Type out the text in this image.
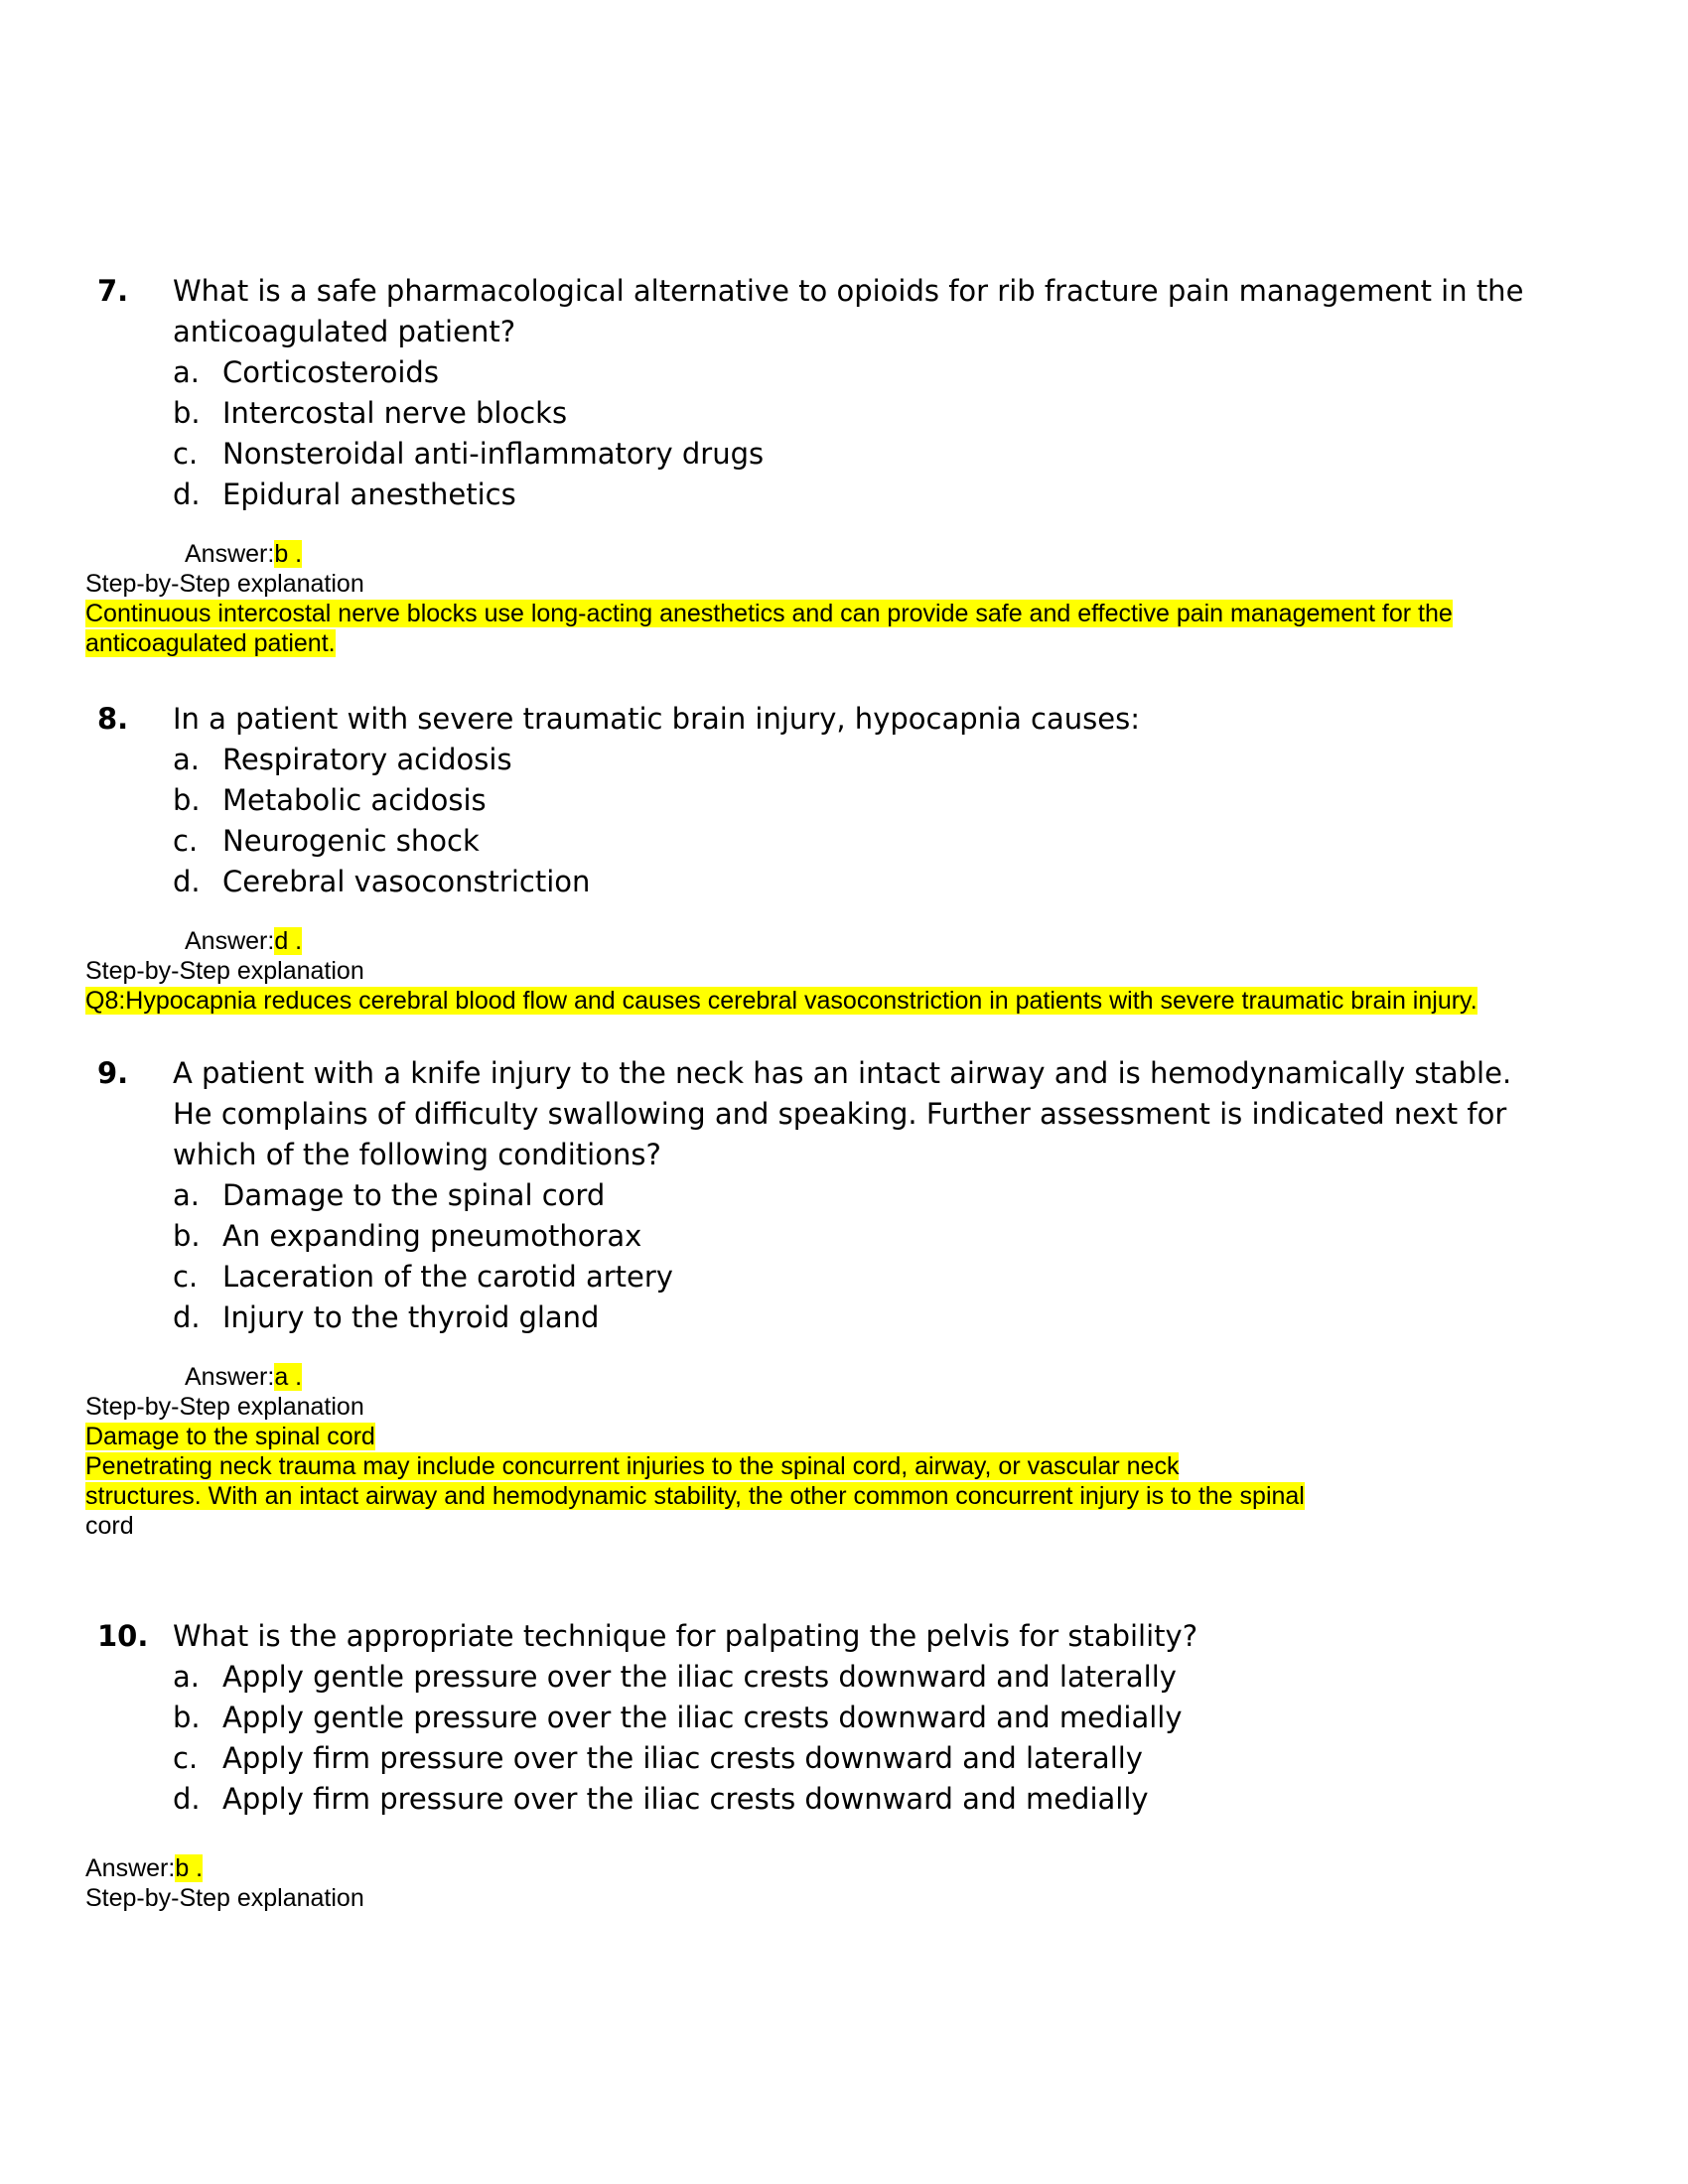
7. What is a safe pharmacological alternative to opioids for rib fracture pain management in the anticoagulated patient?
a. Corticosteroids
b. Intercostal nerve blocks
c. Nonsteroidal anti-inflammatory drugs
d. Epidural anesthetics
Answer:b .
Step-by-Step explanation
Continuous intercostal nerve blocks use long-acting anesthetics and can provide safe and effective pain management for the
anticoagulated patient.
8. In a patient with severe traumatic brain injury, hypocapnia causes:
a. Respiratory acidosis
b. Metabolic acidosis
c. Neurogenic shock
d. Cerebral vasoconstriction
Answer:d .
Step-by-Step explanation
Q8:Hypocapnia reduces cerebral blood flow and causes cerebral vasoconstriction in patients with severe traumatic brain injury.
9. A patient with a knife injury to the neck has an intact airway and is hemodynamically stable. He complains of difficulty swallowing and speaking. Further assessment is indicated next for which of the following conditions?
a. Damage to the spinal cord
b. An expanding pneumothorax
c. Laceration of the carotid artery
d. Injury to the thyroid gland
Answer:a .
Step-by-Step explanation
Damage to the spinal cord
Penetrating neck trauma may include concurrent injuries to the spinal cord, airway, or vascular neck
structures. With an intact airway and hemodynamic stability, the other common concurrent injury is to the spinal
cord
10. What is the appropriate technique for palpating the pelvis for stability?
a. Apply gentle pressure over the iliac crests downward and laterally
b. Apply gentle pressure over the iliac crests downward and medially
c. Apply firm pressure over the iliac crests downward and laterally
d. Apply firm pressure over the iliac crests downward and medially
Answer:b .
Step-by-Step explanation
